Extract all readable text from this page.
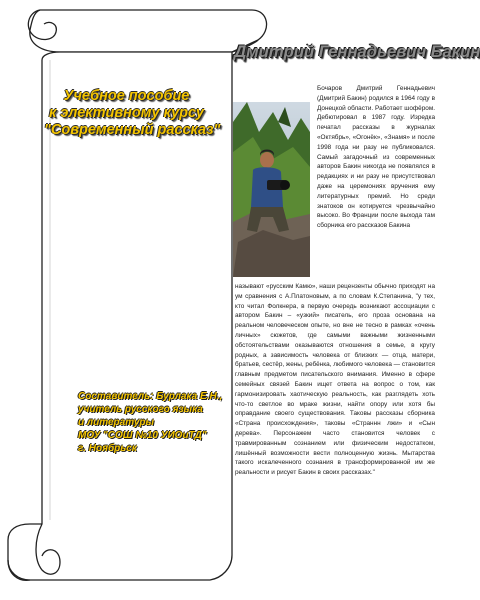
Учебное пособие
к элективному курсу
"Современный рассказ"
Составитель: Бурлака Е.Н.,
учитель русского языка
и литературы
МОУ "СОШ №10 УИОиТД"
г. Ноябрьск
Дмитрий Геннадьевич Бакин
Бочаров Дмитрий Геннадьевич (Дмитрий Бакин) родился в 1964 году в Донецкой области. Работает шофёром. Дебютировал в 1987 году. Изредка печатал рассказы в журналах «Октябрь», «Огонёк», «Знамя» и после 1998 года ни разу не публиковался. Самый загадочный из современных авторов Бакин никогда не появлялся в редакциях и ни разу не присутствовал даже на церемониях вручения ему литературных премий. Но среди знатоков он котируется чрезвычайно высоко. Во Франции после выхода там сборника его рассказов Бакина
называют «русским Камю», наши рецензенты обычно приходят на ум сравнения с А.Платоновым, а по словам К.Степанина, "у тех, кто читал Фолкнера, в первую очередь возникают ассоциации с автором Бакин – «узкий» писатель, его проза основана на реальном человеческом опыте, но вне не тесно в рамках «очень личных» сюжетов, где самыми важными жизненными обстоятельствами оказываются отношения в семье, в кругу родных, а зависимость человека от близких — отца, матери, братьев, сестёр, жены, ребёнка, любимого человека — становится главным предметом писательского внимания. Именно в сфере семейных связей Бакин ищет ответа на вопрос о том, как гармонизировать хаотическую реальность, как разглядеть хоть что-то светлое во мраке жизни, найти опору или хотя бы оправдание своего существования. Таковы рассказы сборника «Страна происхождения», таковы «Страннн лжи» и «Сын дерева». Персонажем часто становится человек с травмированным сознанием или физическим недостатком, лишённый возможности вести полноценную жизнь. Мытарства такого искалеченного сознания в трансформированной им же реальности и рисует Бакин в своих рассказах."
